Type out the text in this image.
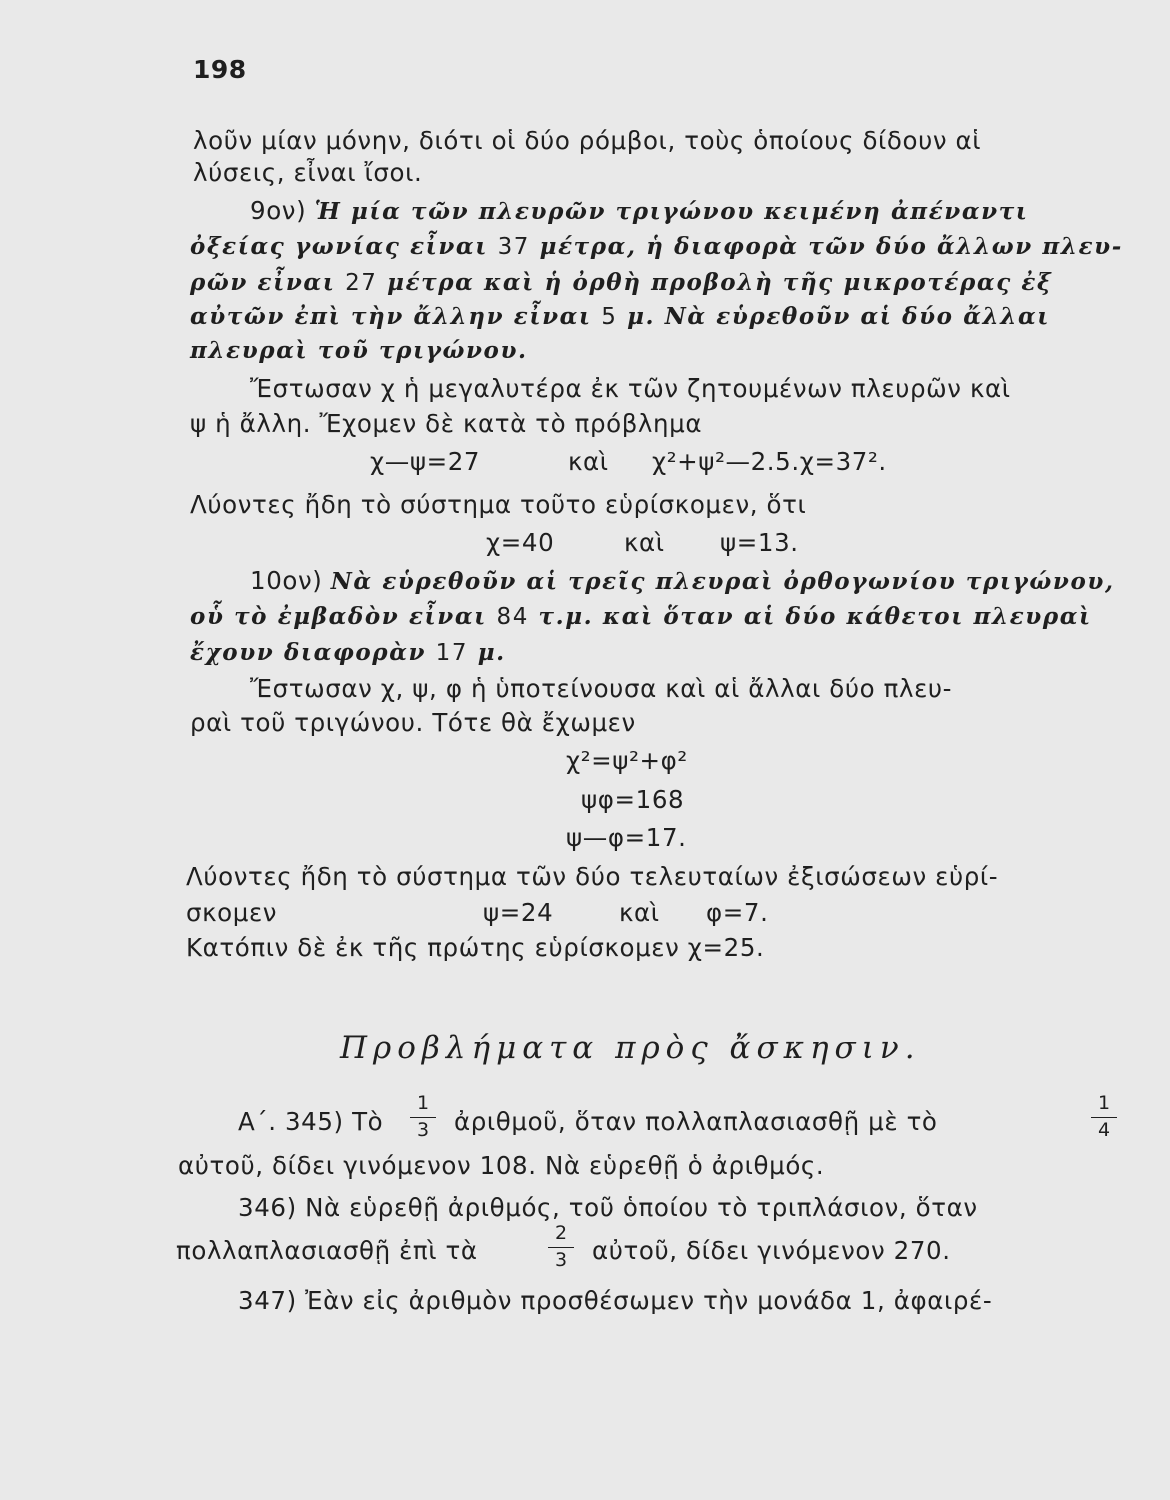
198
λοῦν μίαν μόνην, διότι οἱ δύο ρόμβοι, τοὺς ὁποίους δίδουν αἱ
λύσεις, εἶναι ἴσοι.
9ον) Ἡ μία τῶν πλευρῶν τριγώνου κειμένη ἀπέναντι
ὀξείας γωνίας εἶναι 37 μέτρα, ἡ διαφορὰ τῶν δύο ἄλλων πλευ-
ρῶν εἶναι 27 μέτρα καὶ ἡ ὀρθὴ προβολὴ τῆς μικροτέρας ἐξ
αὐτῶν ἐπὶ τὴν ἄλλην εἶναι 5 μ. Νὰ εὑρεθοῦν αἱ δύο ἄλλαι
πλευραὶ τοῦ τριγώνου.
Ἔστωσαν χ ἡ μεγαλυτέρα ἐκ τῶν ζητουμένων πλευρῶν καὶ
ψ ἡ ἄλλη. Ἔχομεν δὲ κατὰ τὸ πρόβλημα
χ—ψ=27	καὶ χ²+ψ²—2.5.χ=37².
Λύοντες ἤδη τὸ σύστημα τοῦτο εὑρίσκομεν, ὅτι
χ=40	καὶ ψ=13.
10ον) Νὰ εὑρεθοῦν αἱ τρεῖς πλευραὶ ὀρθογωνίου τριγώνου,
οὗ τὸ ἐμβαδὸν εἶναι 84 τ.μ. καὶ ὅταν αἱ δύο κάθετοι πλευραὶ
ἔχουν διαφορὰν 17 μ.
Ἔστωσαν χ, ψ, φ ἡ ὑποτείνουσα καὶ αἱ ἄλλαι δύο πλευ-
ραὶ τοῦ τριγώνου. Τότε θὰ ἔχωμεν
χ²=ψ²+φ²
ψφ=168
ψ—φ=17.
Λύοντες ἤδη τὸ σύστημα τῶν δύο τελευταίων ἐξισώσεων εὑρί-
σκομεν	ψ=24	καὶ φ=7.
Κατόπιν δὲ ἐκ τῆς πρώτης εὑρίσκομεν χ=25.
Προβλήματα πρὸς ἄσκησιν.
Α΄. 345) Τὸ
1
3 ἀριθμοῦ, ὅταν πολλαπλασιασθῇ μὲ τὸ
1
4
αὐτοῦ, δίδει γινόμενον 108. Νὰ εὑρεθῇ ὁ ἀριθμός.
346) Νὰ εὑρεθῇ ἀριθμός, τοῦ ὁποίου τὸ τριπλάσιον, ὅταν
πολλαπλασιασθῇ ἐπὶ τὰ
2
3 αὐτοῦ, δίδει γινόμενον 270.
347) Ἐὰν εἰς ἀριθμὸν προσθέσωμεν τὴν μονάδα 1, ἀφαιρέ-
